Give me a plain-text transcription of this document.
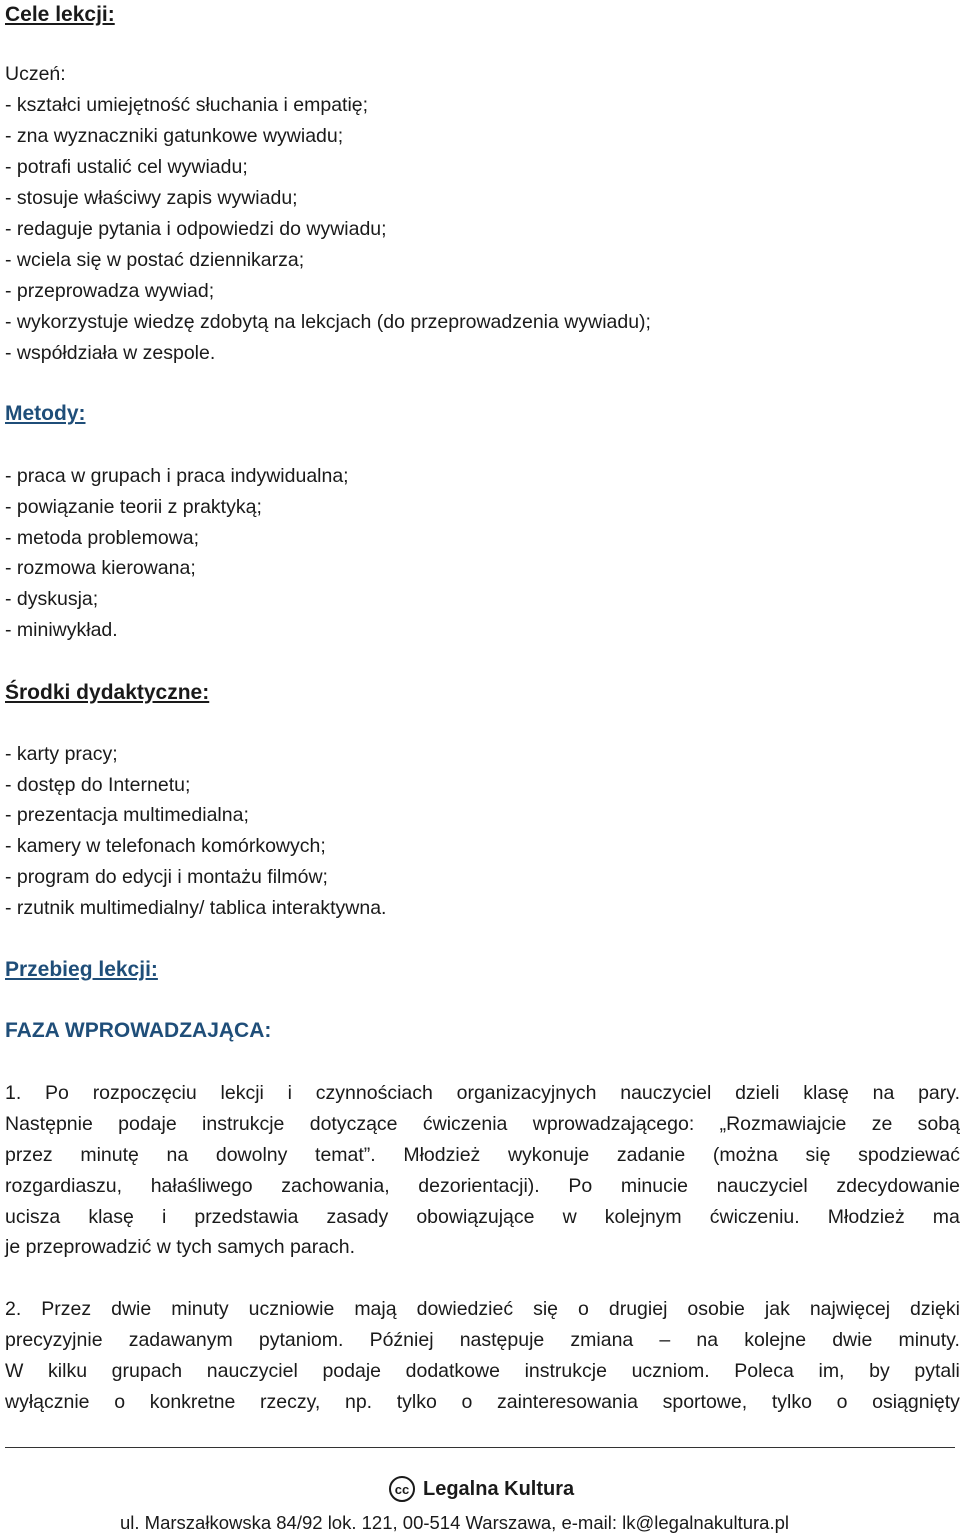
Cele lekcji:
Uczeń:
- kształci umiejętność słuchania i empatię;
- zna wyznaczniki gatunkowe wywiadu;
- potrafi ustalić cel wywiadu;
- stosuje właściwy zapis wywiadu;
- redaguje pytania i odpowiedzi do wywiadu;
- wciela się w postać dziennikarza;
- przeprowadza wywiad;
- wykorzystuje wiedzę zdobytą na lekcjach (do przeprowadzenia wywiadu);
- współdziała w zespole.
Metody:
- praca w grupach i praca indywidualna;
- powiązanie teorii z praktyką;
- metoda problemowa;
- rozmowa kierowana;
- dyskusja;
- miniwykład.
Środki dydaktyczne:
- karty pracy;
- dostęp do Internetu;
- prezentacja multimedialna;
- kamery w telefonach komórkowych;
- program do edycji i montażu filmów;
- rzutnik multimedialny/ tablica interaktywna.
Przebieg lekcji:
FAZA WPROWADZAJĄCA:
1. Po rozpoczęciu lekcji i czynnościach organizacyjnych nauczyciel dzieli klasę na pary.
Następnie podaje instrukcje dotyczące ćwiczenia wprowadzającego: „Rozmawiajcie ze sobą
przez minutę na dowolny temat”. Młodzież wykonuje zadanie (można się spodziewać
rozgardiaszu, hałaśliwego zachowania, dezorientacji). Po minucie nauczyciel zdecydowanie
ucisza klasę i przedstawia zasady obowiązujące w kolejnym ćwiczeniu. Młodzież ma
je przeprowadzić w tych samych parach.
2. Przez dwie minuty uczniowie mają dowiedzieć się o drugiej osobie jak najwięcej dzięki
precyzyjnie zadawanym pytaniom. Później następuje zmiana – na kolejne dwie minuty.
W kilku grupach nauczyciel podaje dodatkowe instrukcje uczniom. Poleca im, by pytali
wyłącznie o konkretne rzeczy, np. tylko o zainteresowania sportowe, tylko o osiągnięty
cc Legalna Kultura
ul. Marszałkowska 84/92 lok. 121, 00-514 Warszawa, e-mail: lk@legalnakultura.pl
